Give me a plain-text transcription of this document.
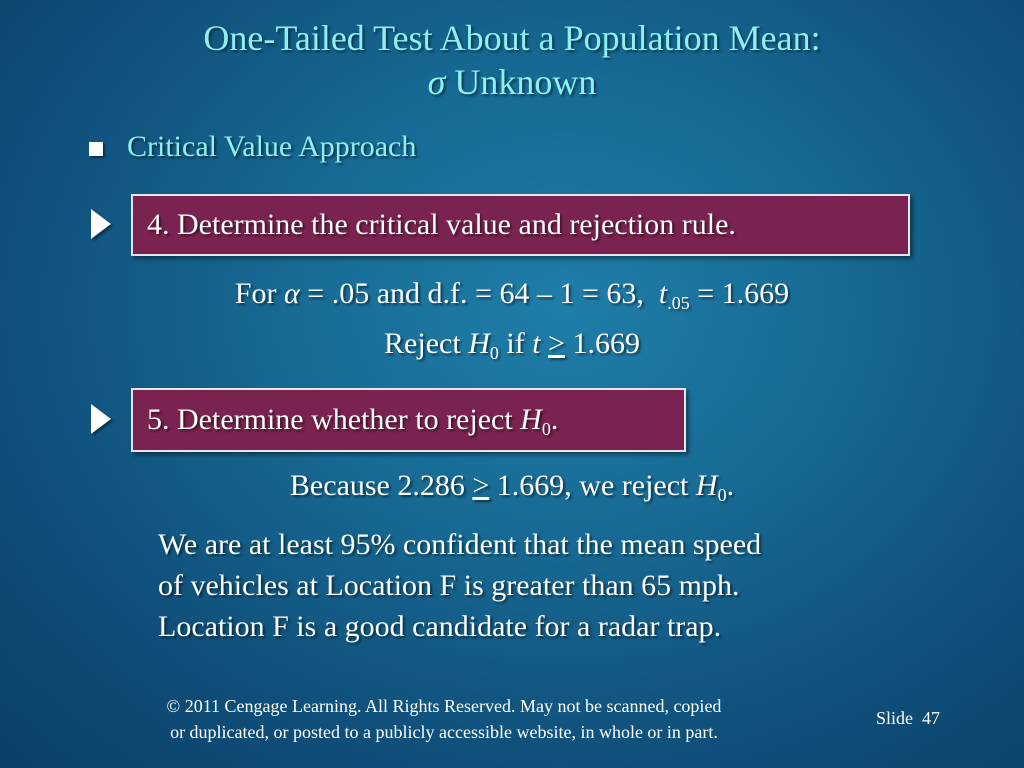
One-Tailed Test About a Population Mean:
σ Unknown
Critical Value Approach
4. Determine the critical value and rejection rule.
For α = .05 and d.f. = 64 – 1 = 63, $t_{.05} = 1.669$
Reject $H_0$ if t ≥ 1.669
5. Determine whether to reject $H_0$.
Because 2.286 ≥ 1.669, we reject $H_0$.
We are at least 95% confident that the mean speed
of vehicles at Location F is greater than 65 mph.
Location F is a good candidate for a radar trap.
© 2011 Cengage Learning. All Rights Reserved. May not be scanned, copied
or duplicated, or posted to a publicly accessible website, in whole or in part.
Slide 47
